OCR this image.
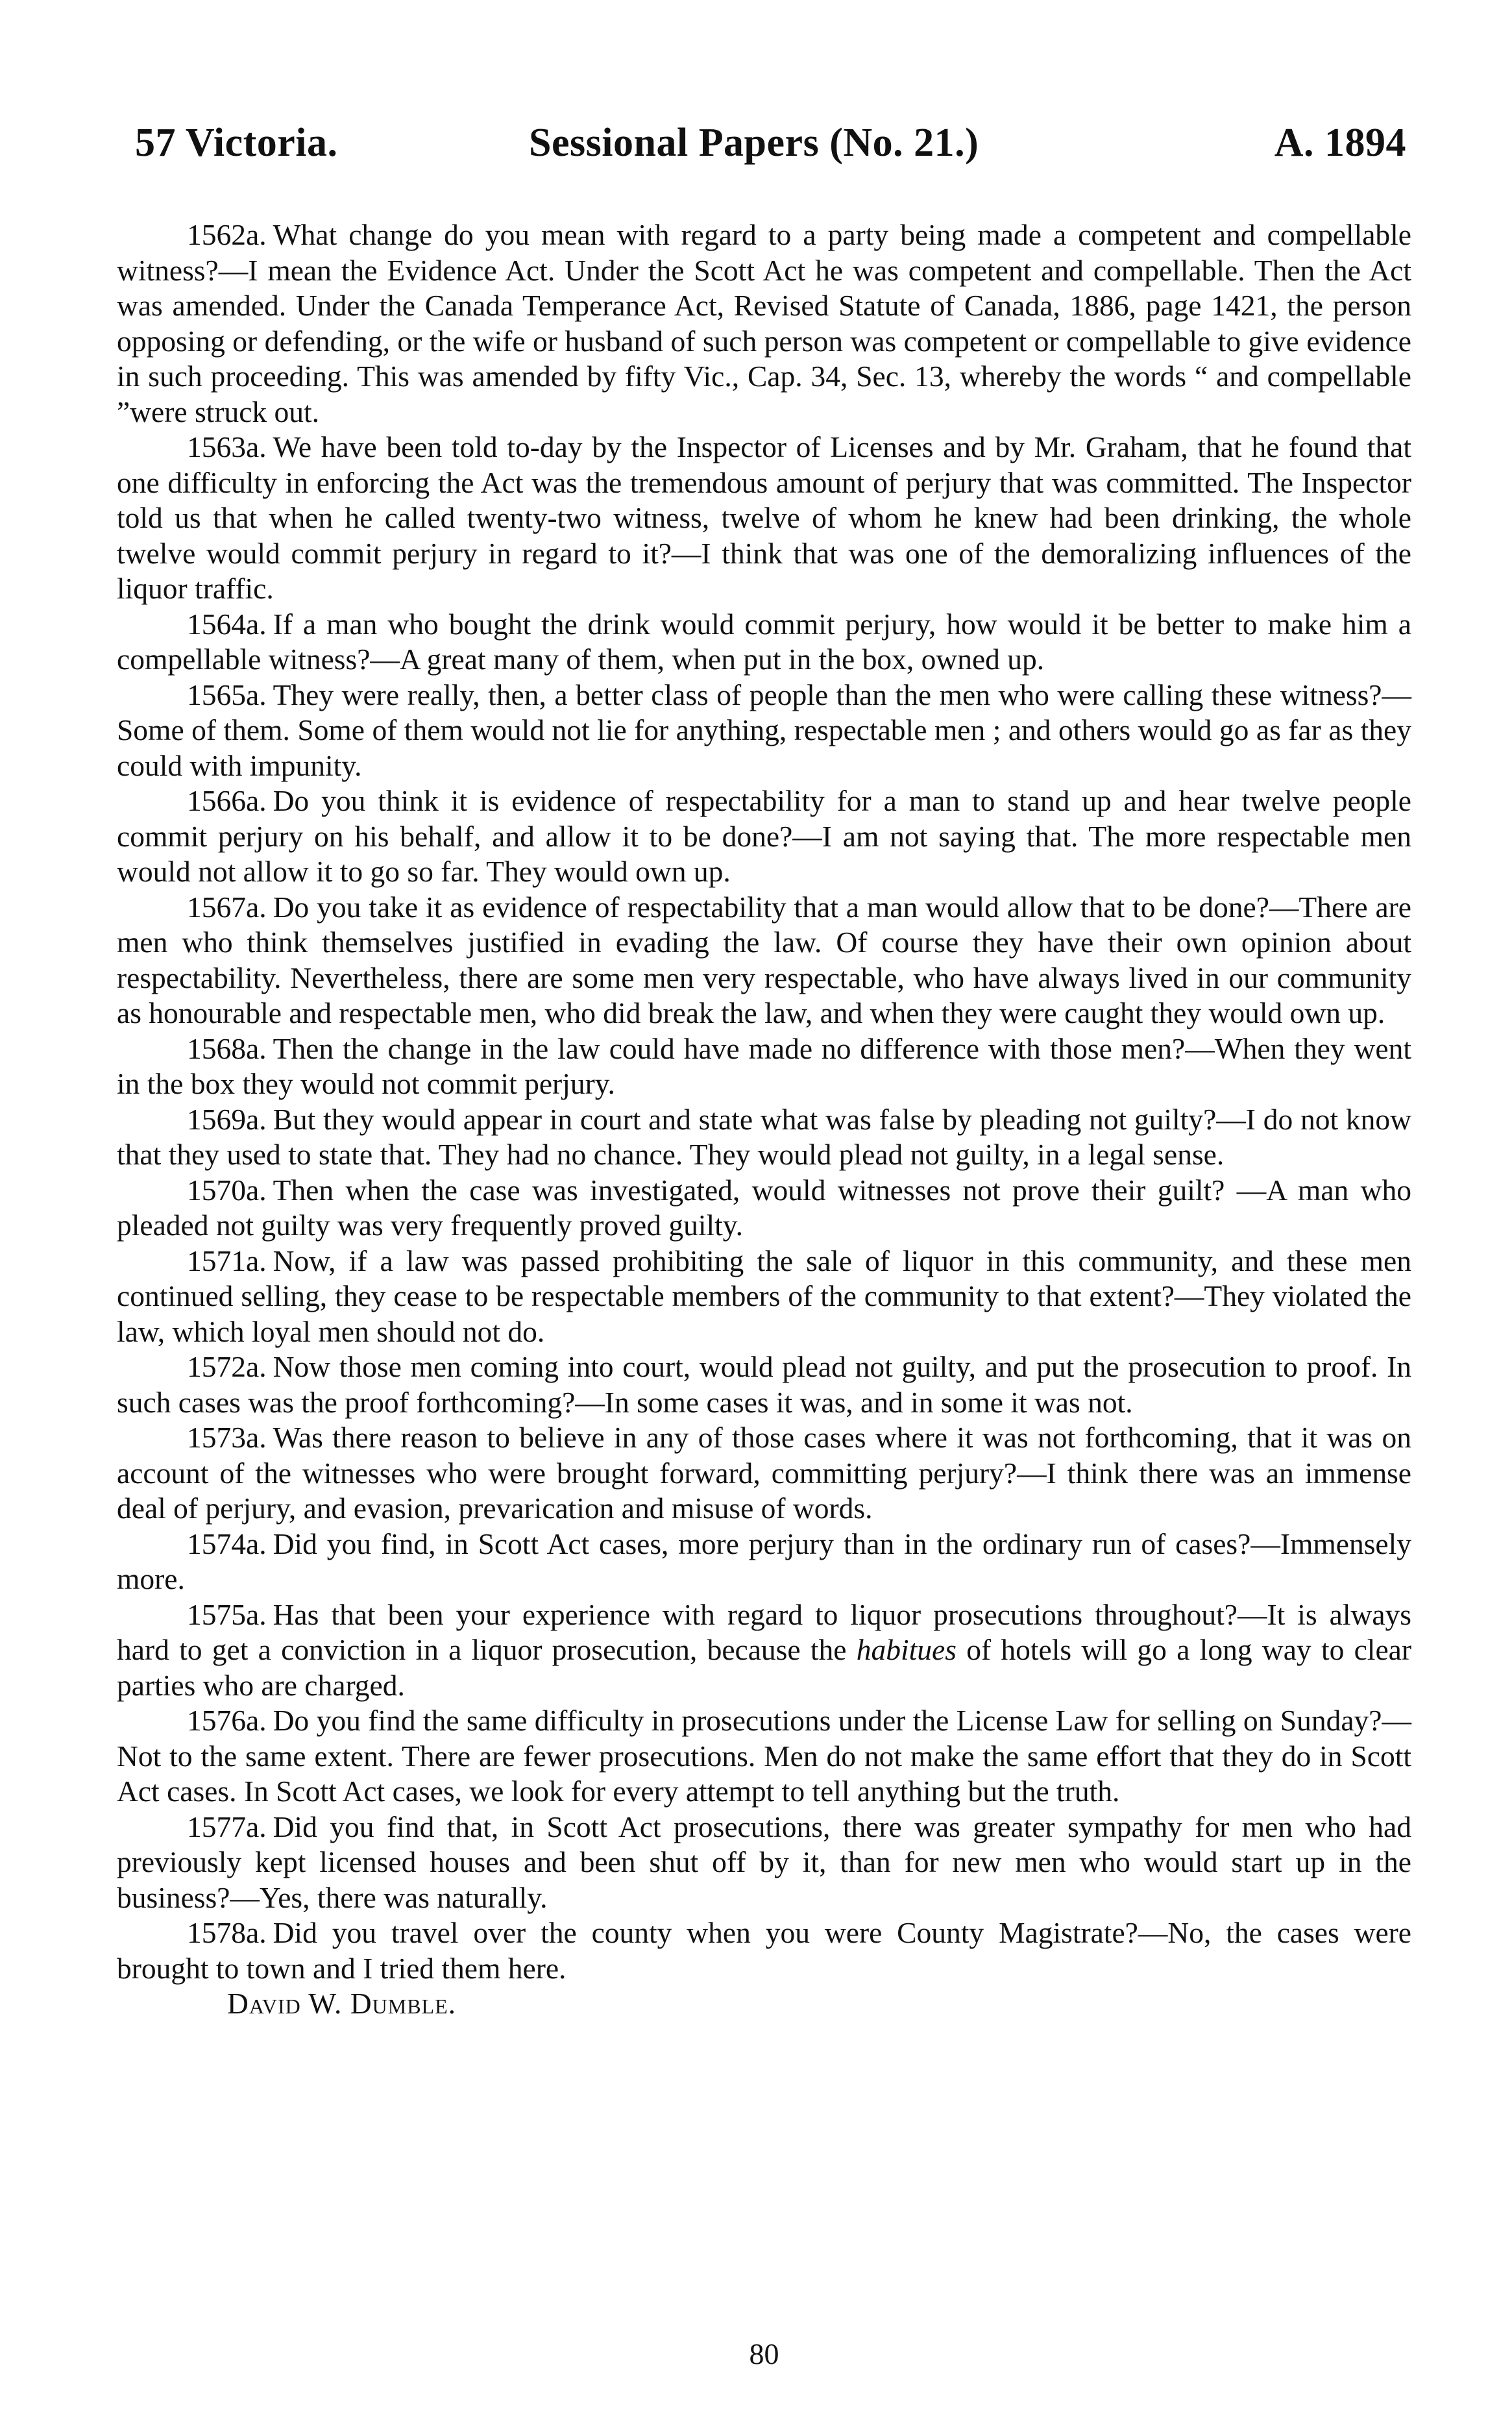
57 Victoria.	Sessional Papers (No. 21.)	A. 1894

1562a. What change do you mean with regard to a party being made a competent and compellable witness?—I mean the Evidence Act. Under the Scott Act he was competent and compellable. Then the Act was amended. Under the Canada Temperance Act, Revised Statute of Canada, 1886, page 1421, the person opposing or defending, or the wife or husband of such person was competent or compellable to give evidence in such proceeding. This was amended by fifty Vic., Cap. 34, Sec. 13, whereby the words “ and compellable ”were struck out.

1563a. We have been told to-day by the Inspector of Licenses and by Mr. Graham, that he found that one difficulty in enforcing the Act was the tremendous amount of perjury that was committed. The Inspector told us that when he called twenty-two witness, twelve of whom he knew had been drinking, the whole twelve would commit perjury in regard to it?—I think that was one of the demoralizing influences of the liquor traffic.

1564a. If a man who bought the drink would commit perjury, how would it be better to make him a compellable witness?—A great many of them, when put in the box, owned up.

1565a. They were really, then, a better class of people than the men who were calling these witness?—Some of them. Some of them would not lie for anything, respectable men ; and others would go as far as they could with impunity.

1566a. Do you think it is evidence of respectability for a man to stand up and hear twelve people commit perjury on his behalf, and allow it to be done?—I am not saying that. The more respectable men would not allow it to go so far. They would own up.

1567a. Do you take it as evidence of respectability that a man would allow that to be done?—There are men who think themselves justified in evading the law. Of course they have their own opinion about respectability. Nevertheless, there are some men very respectable, who have always lived in our community as honourable and respectable men, who did break the law, and when they were caught they would own up.

1568a. Then the change in the law could have made no difference with those men?—When they went in the box they would not commit perjury.

1569a. But they would appear in court and state what was false by pleading not guilty?—I do not know that they used to state that. They had no chance. They would plead not guilty, in a legal sense.

1570a. Then when the case was investigated, would witnesses not prove their guilt? —A man who pleaded not guilty was very frequently proved guilty.

1571a. Now, if a law was passed prohibiting the sale of liquor in this community, and these men continued selling, they cease to be respectable members of the community to that extent?—They violated the law, which loyal men should not do.

1572a. Now those men coming into court, would plead not guilty, and put the prosecution to proof. In such cases was the proof forthcoming?—In some cases it was, and in some it was not.

1573a. Was there reason to believe in any of those cases where it was not forthcoming, that it was on account of the witnesses who were brought forward, committing perjury?—I think there was an immense deal of perjury, and evasion, prevarication and misuse of words.

1574a. Did you find, in Scott Act cases, more perjury than in the ordinary run of cases?—Immensely more.

1575a. Has that been your experience with regard to liquor prosecutions throughout?—It is always hard to get a conviction in a liquor prosecution, because the habitues of hotels will go a long way to clear parties who are charged.

1576a. Do you find the same difficulty in prosecutions under the License Law for selling on Sunday?—Not to the same extent. There are fewer prosecutions. Men do not make the same effort that they do in Scott Act cases. In Scott Act cases, we look for every attempt to tell anything but the truth.

1577a. Did you find that, in Scott Act prosecutions, there was greater sympathy for men who had previously kept licensed houses and been shut off by it, than for new men who would start up in the business?—Yes, there was naturally.

1578a. Did you travel over the county when you were County Magistrate?—No, the cases were brought to town and I tried them here.

David W. Dumble.
80
